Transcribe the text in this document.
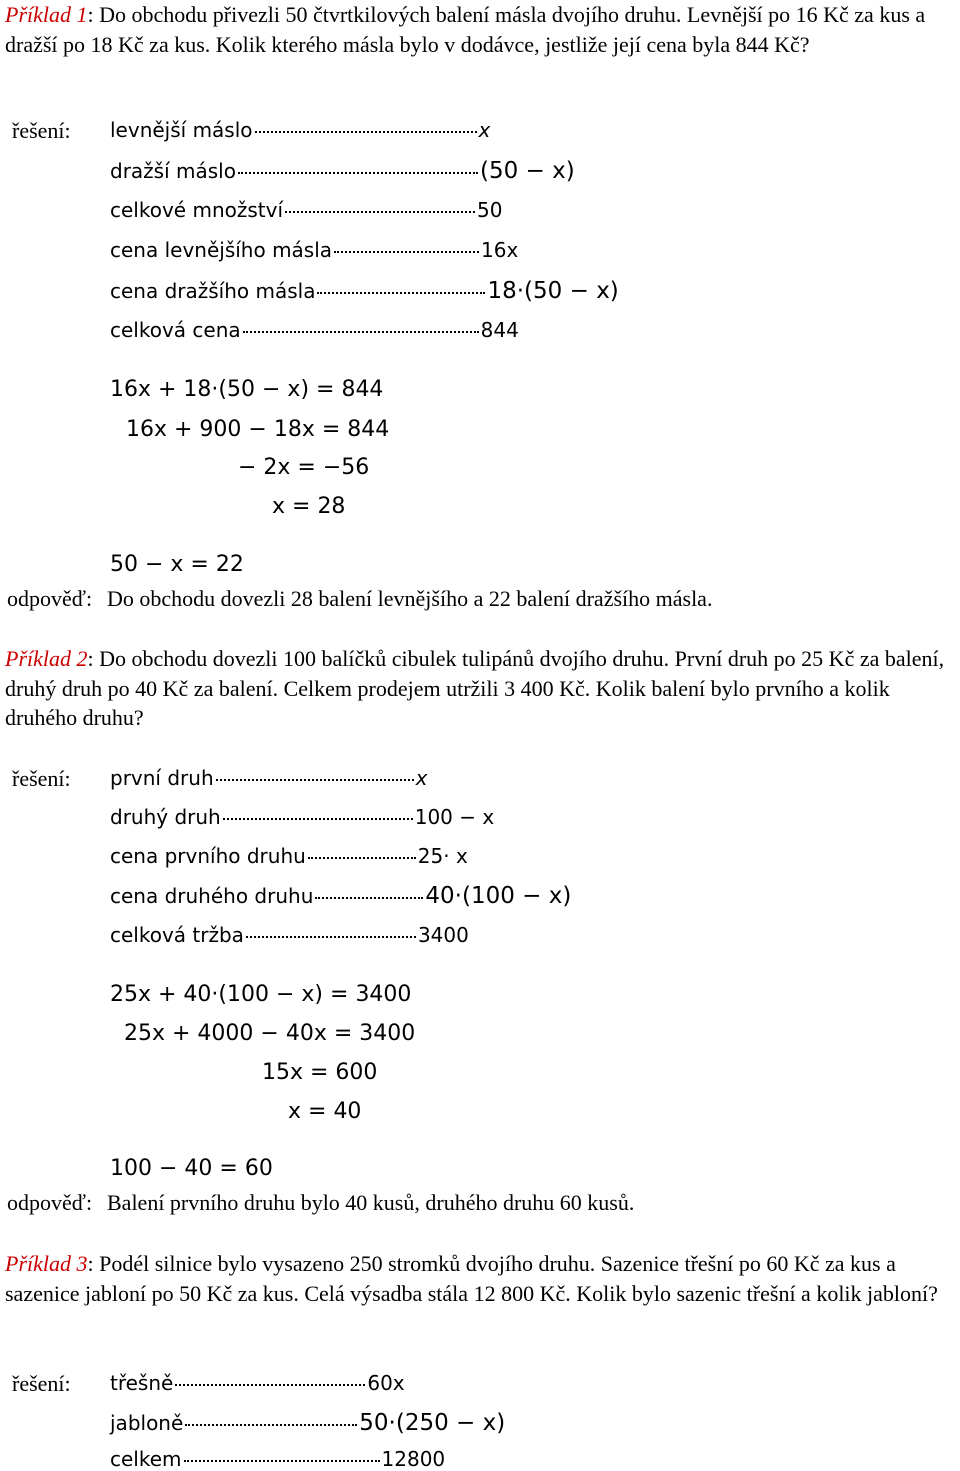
Příklad 1: Do obchodu přivezli 50 čtvrtkilových balení másla dvojího druhu. Levnější po 16 Kč za kus a dražší po 18 Kč za kus. Kolik kterého másla bylo v dodávce, jestliže její cena byla 844 Kč?

řešení: levnější máslo	x
dražší máslo	(50 − x)
celkové množství	50
cena levnějšího másla	16x
cena dražšího másla	18·(50 − x)
celková cena	844
16x + 18·(50 − x) = 844
16x + 900 − 18x = 844
− 2x = −56
x = 28
50 − x = 22
odpověď: Do obchodu dovezli 28 balení levnějšího a 22 balení dražšího másla.

Příklad 2: Do obchodu dovezli 100 balíčků cibulek tulipánů dvojího druhu. První druh po 25 Kč za balení, druhý druh po 40 Kč za balení. Celkem prodejem utržili 3 400 Kč. Kolik balení bylo prvního a kolik druhého druhu?

řešení: první druh	x
druhý druh	100 − x
cena prvního druhu	25· x
cena druhého druhu	40·(100 − x)
celková tržba	3400
25x + 40·(100 − x) = 3400
25x + 4000 − 40x = 3400
15x = 600
x = 40
100 − 40 = 60
odpověď: Balení prvního druhu bylo 40 kusů, druhého druhu 60 kusů.

Příklad 3: Podél silnice bylo vysazeno 250 stromků dvojího druhu. Sazenice třešní po 60 Kč za kus a sazenice jabloní po 50 Kč za kus. Celá výsadba stála 12 800 Kč. Kolik bylo sazenic třešní a kolik jabloní?

řešení: třešně	60x
jabloně	50·(250 − x)
celkem	12800
